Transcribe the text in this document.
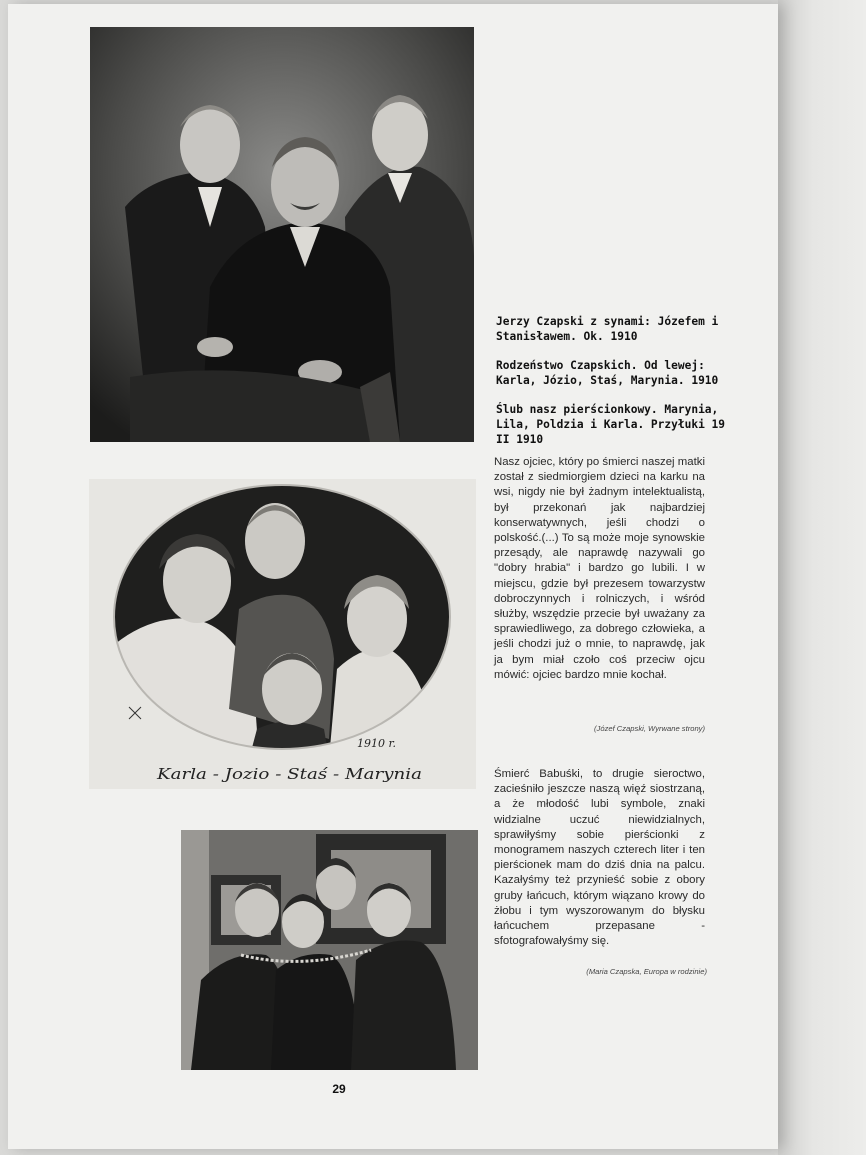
1910 r.
Karla - Jozio - Staś - Marynia

Jerzy Czapski z synami: Józefem i Stanisławem. Ok. 1910

Rodzeństwo Czapskich. Od lewej: Karla, Józio, Staś, Marynia. 1910

Ślub nasz pierścionkowy. Marynia, Lila, Poldzia i Karla. Przyłuki 19 II 1910

Nasz ojciec, który po śmierci naszej matki został z siedmiorgiem dzieci na karku na wsi, nigdy nie był żadnym intelektualistą, był przekonań jak najbardziej konserwatywnych, jeśli chodzi o polskość.(...) To są może moje synowskie przesądy, ale naprawdę nazywali go "dobry hrabia" i bardzo go lubili. I w miejscu, gdzie był prezesem towarzystw dobroczynnych i rolniczych, i wśród służby, wszędzie przecie był uważany za sprawiedliwego, za dobrego człowieka, a jeśli chodzi już o mnie, to naprawdę, jak ja bym miał czoło coś przeciw ojcu mówić: ojciec bardzo mnie kochał.
(Józef Czapski, Wyrwane strony)
Śmierć Babuśki, to drugie sieroctwo, zacieśniło jeszcze naszą więź siostrzaną, a że młodość lubi symbole, znaki widzialne uczuć niewidzialnych, sprawiłyśmy sobie pierścionki z monogramem naszych czterech liter i ten pierścionek mam do dziś dnia na palcu. Kazałyśmy też przynieść sobie z obory gruby łańcuch, którym wiązano krowy do żłobu i tym wyszorowanym do błysku łańcuchem przepasane - sfotografowałyśmy się.
(Maria Czapska, Europa w rodzinie)
29
